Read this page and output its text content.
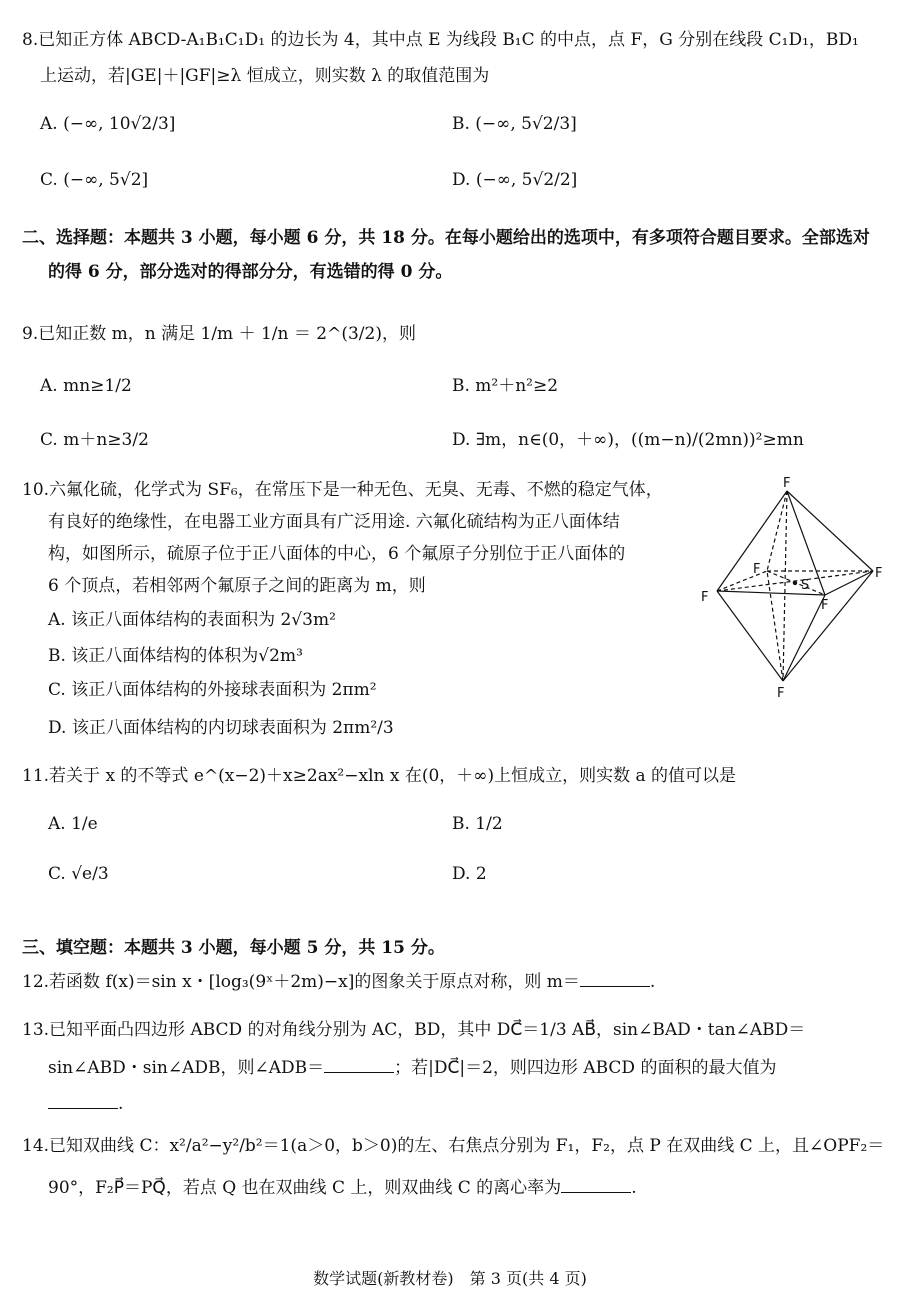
8.已知正方体 ABCD-A₁B₁C₁D₁ 的边长为 4，其中点 E 为线段 B₁C 的中点，点 F，G 分别在线段 C₁D₁，BD₁
上运动，若|GE|＋|GF|≥λ 恒成立，则实数 λ 的取值范围为
A. (−∞, 10√2/3]	B. (−∞, 5√2/3]
C. (−∞, 5√2]	D. (−∞, 5√2/2]
二、选择题：本题共 3 小题，每小题 6 分，共 18 分。在每小题给出的选项中，有多项符合题目要求。全部选对
的得 6 分，部分选对的得部分分，有选错的得 0 分。
9.已知正数 m，n 满足 1/m ＋ 1/n ＝ 2^(3/2)，则
A. mn≥1/2	B. m²＋n²≥2
C. m＋n≥3/2	D. ∃m，n∈(0，＋∞)，((m−n)/(2mn))²≥mn
10.六氟化硫，化学式为 SF₆，在常压下是一种无色、无臭、无毒、不燃的稳定气体，
有良好的绝缘性，在电器工业方面具有广泛用途. 六氟化硫结构为正八面体结
构，如图所示，硫原子位于正八面体的中心，6 个氟原子分别位于正八面体的
6 个顶点，若相邻两个氟原子之间的距离为 m，则
A. 该正八面体结构的表面积为 2√3m²
B. 该正八面体结构的体积为√2m³
C. 该正八面体结构的外接球表面积为 2πm²
D. 该正八面体结构的内切球表面积为 2πm²/3
F
F
F
F
F
F
S
11.若关于 x 的不等式 e^(x−2)＋x≥2ax²−xln x 在(0，＋∞)上恒成立，则实数 a 的值可以是
A. 1/e	B. 1/2
C. √e/3	D. 2
三、填空题：本题共 3 小题，每小题 5 分，共 15 分。
12.若函数 f(x)＝sin x・[log₃(9ˣ＋2m)−x]的图象关于原点对称，则 m＝	.
13.已知平面凸四边形 ABCD 的对角线分别为 AC，BD，其中 DC⃗＝1/3 AB⃗，sin∠BAD・tan∠ABD＝
sin∠ABD・sin∠ADB，则∠ADB＝	；若|DC⃗|＝2，则四边形 ABCD 的面积的最大值为
.
14.已知双曲线 C：x²/a²−y²/b²＝1(a＞0，b＞0)的左、右焦点分别为 F₁，F₂，点 P 在双曲线 C 上，且∠OPF₂＝
90°，F₂P⃗＝PQ⃗，若点 Q 也在双曲线 C 上，则双曲线 C 的离心率为	.
数学试题(新教材卷)　第 3 页(共 4 页)
